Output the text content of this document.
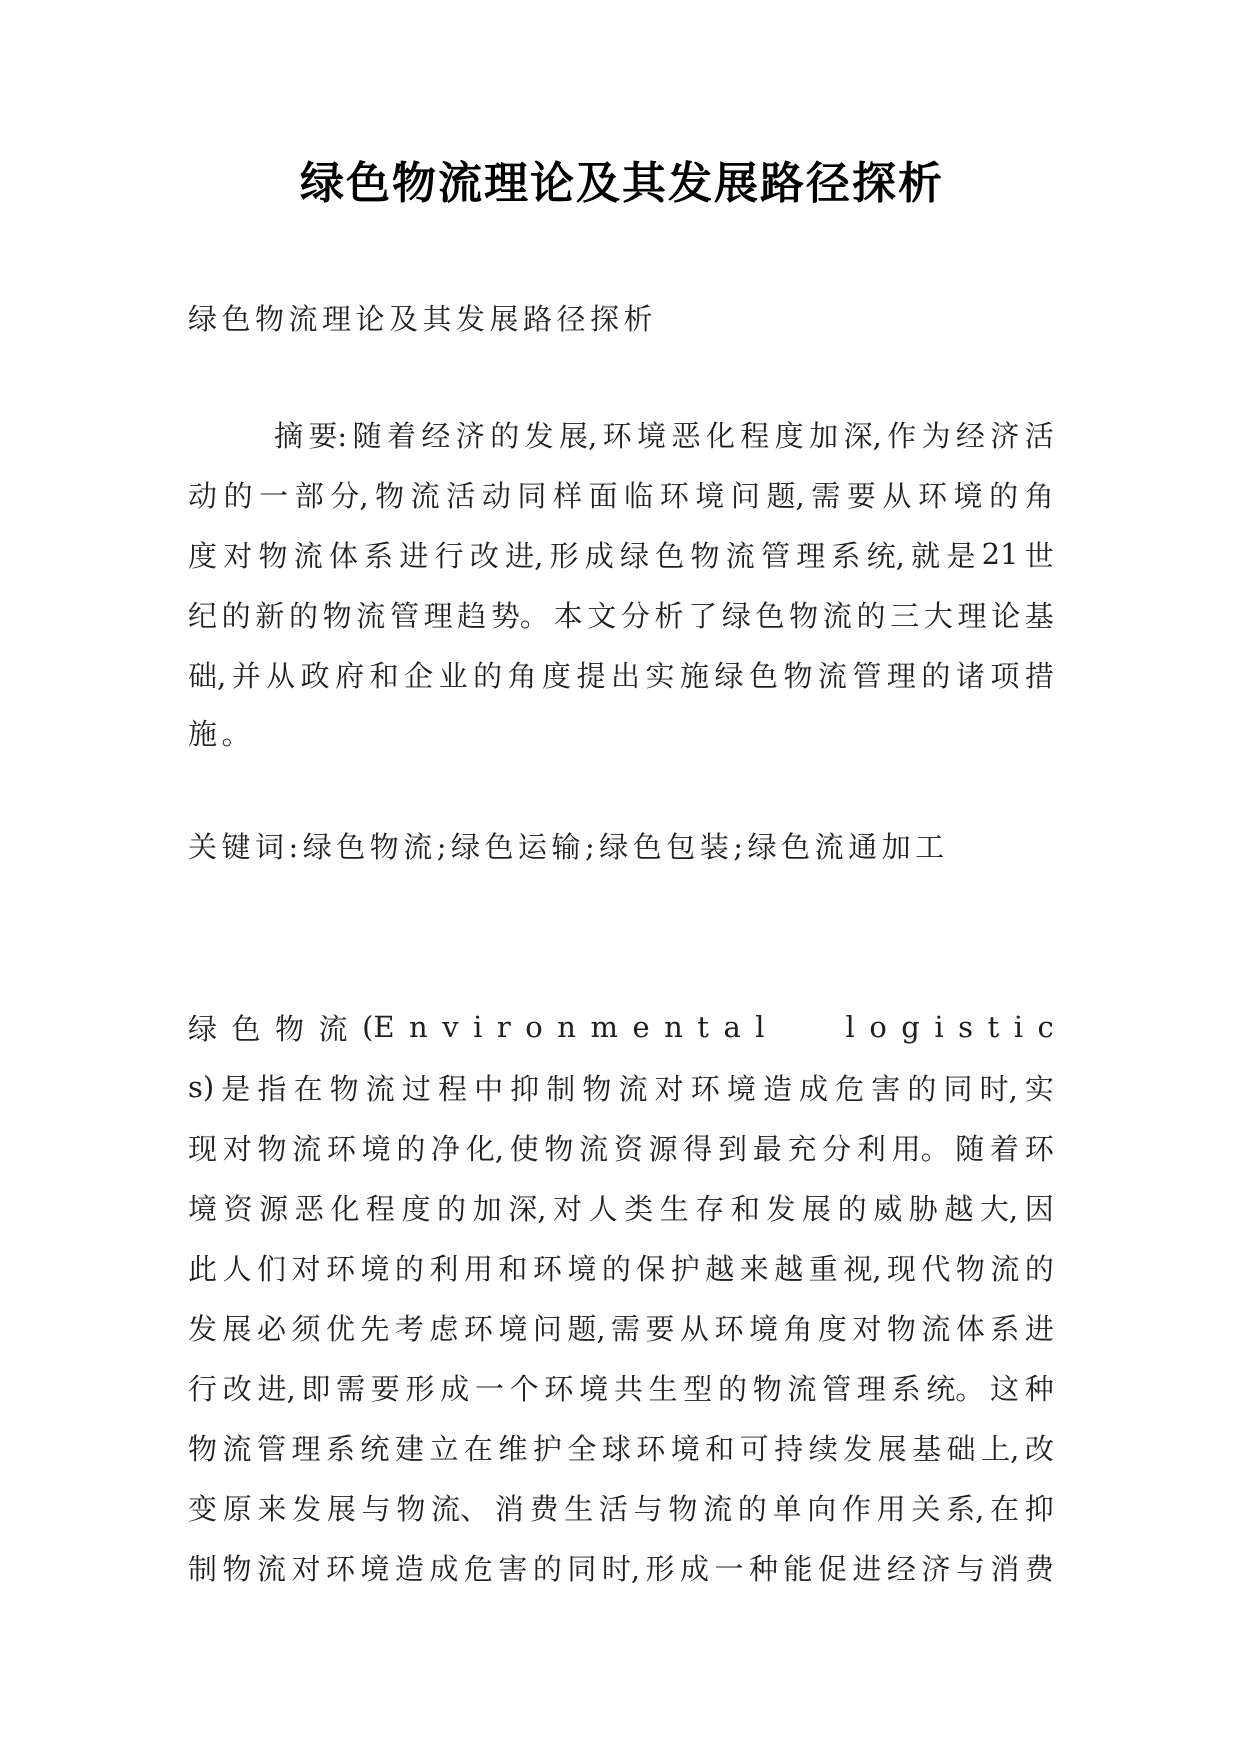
绿色物流理论及其发展路径探析
绿色物流理论及其发展路径探析
摘 要: 随 着 经 济 的 发 展, 环 境 恶 化 程 度 加 深, 作 为 经 济 活
动 的 一 部 分, 物 流 活 动 同 样 面 临 环 境 问 题, 需 要 从 环 境 的 角
度 对 物 流 体 系 进 行 改 进, 形 成 绿 色 物 流 管 理 系 统, 就 是 21 世
纪 的 新 的 物 流 管 理 趋 势。 本 文 分 析 了 绿 色 物 流 的 三 大 理 论 基
础, 并 从 政 府 和 企 业 的 角 度 提 出 实 施 绿 色 物 流 管 理 的 诸 项 措
施。
关键词:绿色物流;绿色运输;绿色包装;绿色流通加工
绿 色 物 流 (E n v i r o n m e n t a l	l o g i s t i c
s) 是 指 在 物 流 过 程 中 抑 制 物 流 对 环 境 造 成 危 害 的 同 时, 实
现 对 物 流 环 境 的 净 化, 使 物 流 资 源 得 到 最 充 分 利 用。 随 着 环
境 资 源 恶 化 程 度 的 加 深, 对 人 类 生 存 和 发 展 的 威 胁 越 大, 因
此 人 们 对 环 境 的 利 用 和 环 境 的 保 护 越 来 越 重 视, 现 代 物 流 的
发 展 必 须 优 先 考 虑 环 境 问 题, 需 要 从 环 境 角 度 对 物 流 体 系 进
行 改 进, 即 需 要 形 成 一 个 环 境 共 生 型 的 物 流 管 理 系 统。 这 种
物 流 管 理 系 统 建 立 在 维 护 全 球 环 境 和 可 持 续 发 展 基 础 上, 改
变 原 来 发 展 与 物 流、 消 费 生 活 与 物 流 的 单 向 作 用 关 系, 在 抑
制 物 流 对 环 境 造 成 危 害 的 同 时, 形 成 一 种 能 促 进 经 济 与 消 费
